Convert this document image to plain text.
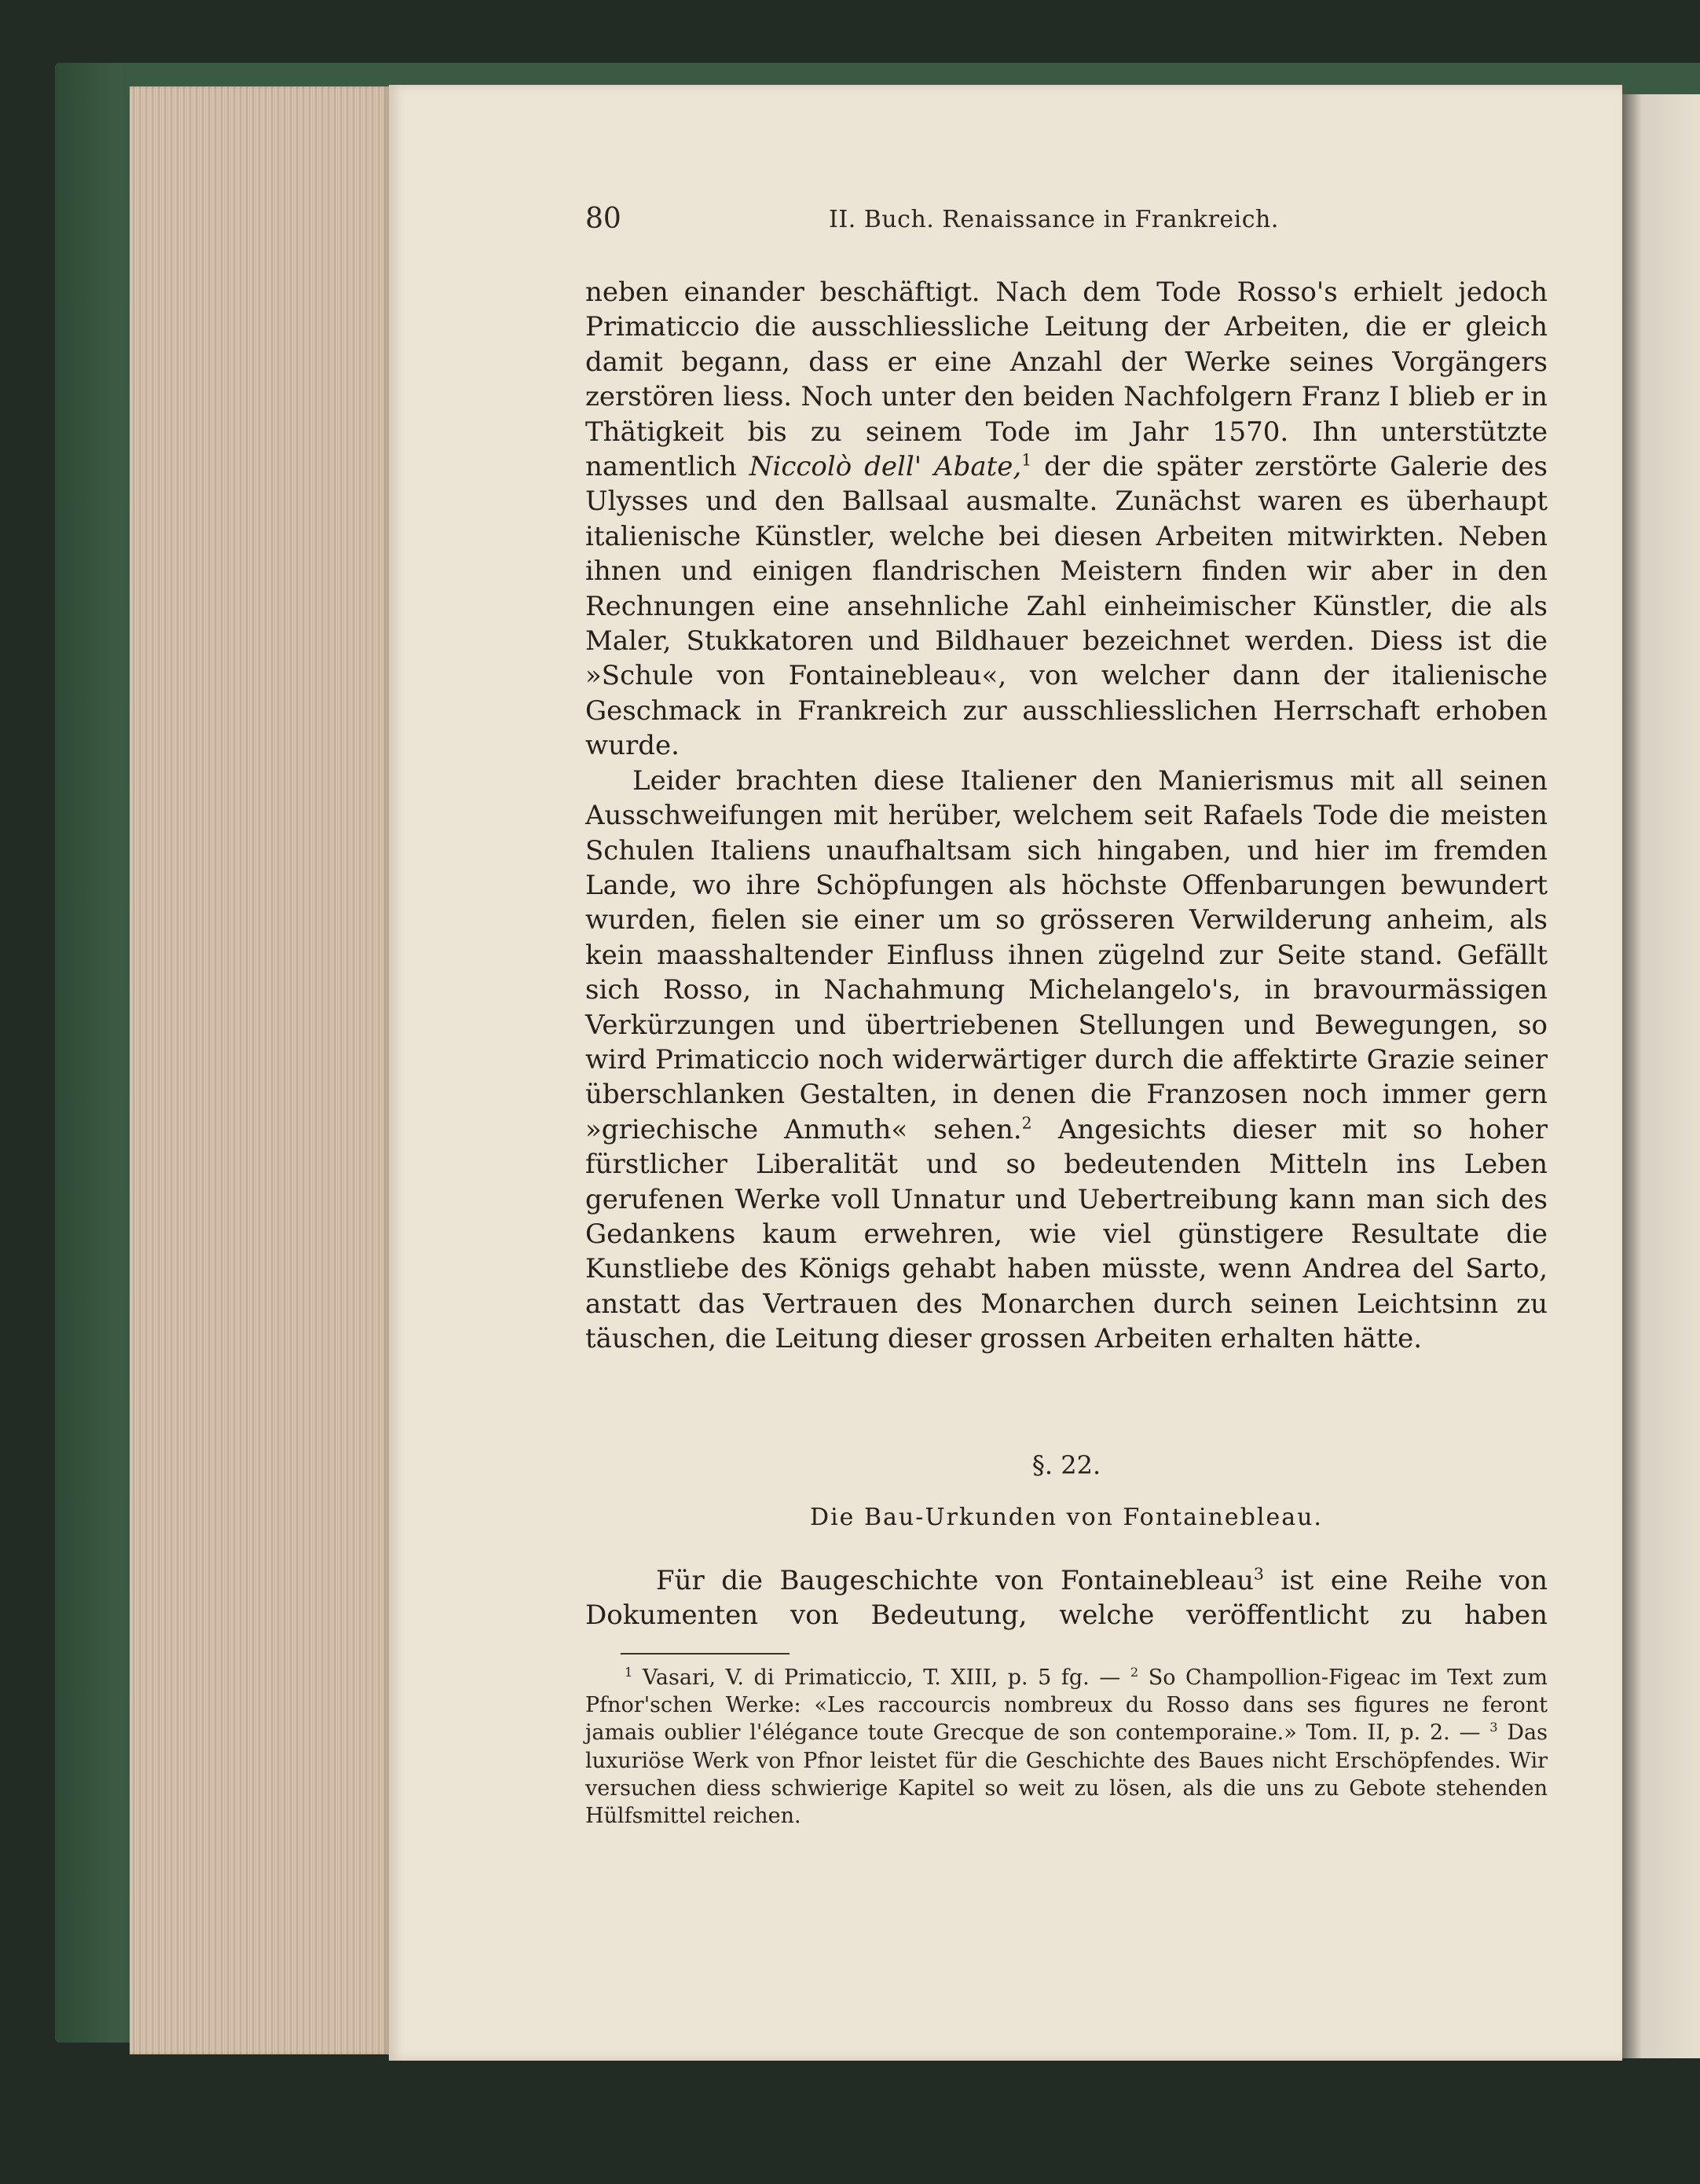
80	II. Buch. Renaissance in Frankreich.

neben einander beschäftigt. Nach dem Tode Rosso's erhielt jedoch Primaticcio die ausschliessliche Leitung der Arbeiten, die er gleich damit begann, dass er eine Anzahl der Werke seines Vorgängers zerstören liess. Noch unter den beiden Nachfolgern Franz I blieb er in Thätigkeit bis zu seinem Tode im Jahr 1570. Ihn unterstützte namentlich Niccolò dell' Abate,$^1$ der die später zerstörte Galerie des Ulysses und den Ballsaal ausmalte. Zunächst waren es überhaupt italienische Künstler, welche bei diesen Arbeiten mitwirkten. Neben ihnen und einigen flandrischen Meistern finden wir aber in den Rechnungen eine ansehnliche Zahl einheimischer Künstler, die als Maler, Stukkatoren und Bildhauer bezeichnet werden. Diess ist die »Schule von Fontainebleau«, von welcher dann der italienische Geschmack in Frankreich zur ausschliesslichen Herrschaft erhoben wurde.

Leider brachten diese Italiener den Manierismus mit all seinen Ausschweifungen mit herüber, welchem seit Rafaels Tode die meisten Schulen Italiens unaufhaltsam sich hingaben, und hier im fremden Lande, wo ihre Schöpfungen als höchste Offenbarungen bewundert wurden, fielen sie einer um so grösseren Verwilderung anheim, als kein maasshaltender Einfluss ihnen zügelnd zur Seite stand. Gefällt sich Rosso, in Nachahmung Michelangelo's, in bravourmässigen Verkürzungen und übertriebenen Stellungen und Bewegungen, so wird Primaticcio noch widerwärtiger durch die affektirte Grazie seiner überschlanken Gestalten, in denen die Franzosen noch immer gern »griechische Anmuth« sehen.$^2$ Angesichts dieser mit so hoher fürstlicher Liberalität und so bedeutenden Mitteln ins Leben gerufenen Werke voll Unnatur und Uebertreibung kann man sich des Gedankens kaum erwehren, wie viel günstigere Resultate die Kunstliebe des Königs gehabt haben müsste, wenn Andrea del Sarto, anstatt das Vertrauen des Monarchen durch seinen Leichtsinn zu täuschen, die Leitung dieser grossen Arbeiten erhalten hätte.

§. 22.
Die Bau-Urkunden von Fontainebleau.

Für die Baugeschichte von Fontainebleau$^3$ ist eine Reihe von Dokumenten von Bedeutung, welche veröffentlicht zu haben

$^1$ Vasari, V. di Primaticcio, T. XIII, p. 5 fg. — $^2$ So Champollion-Figeac im Text zum Pfnor'schen Werke: «Les raccourcis nombreux du Rosso dans ses figures ne feront jamais oublier l'élégance toute Grecque de son contemporaine.» Tom. II, p. 2. — $^3$ Das luxuriöse Werk von Pfnor leistet für die Geschichte des Baues nicht Erschöpfendes. Wir versuchen diess schwierige Kapitel so weit zu lösen, als die uns zu Gebote stehenden Hülfsmittel reichen.
